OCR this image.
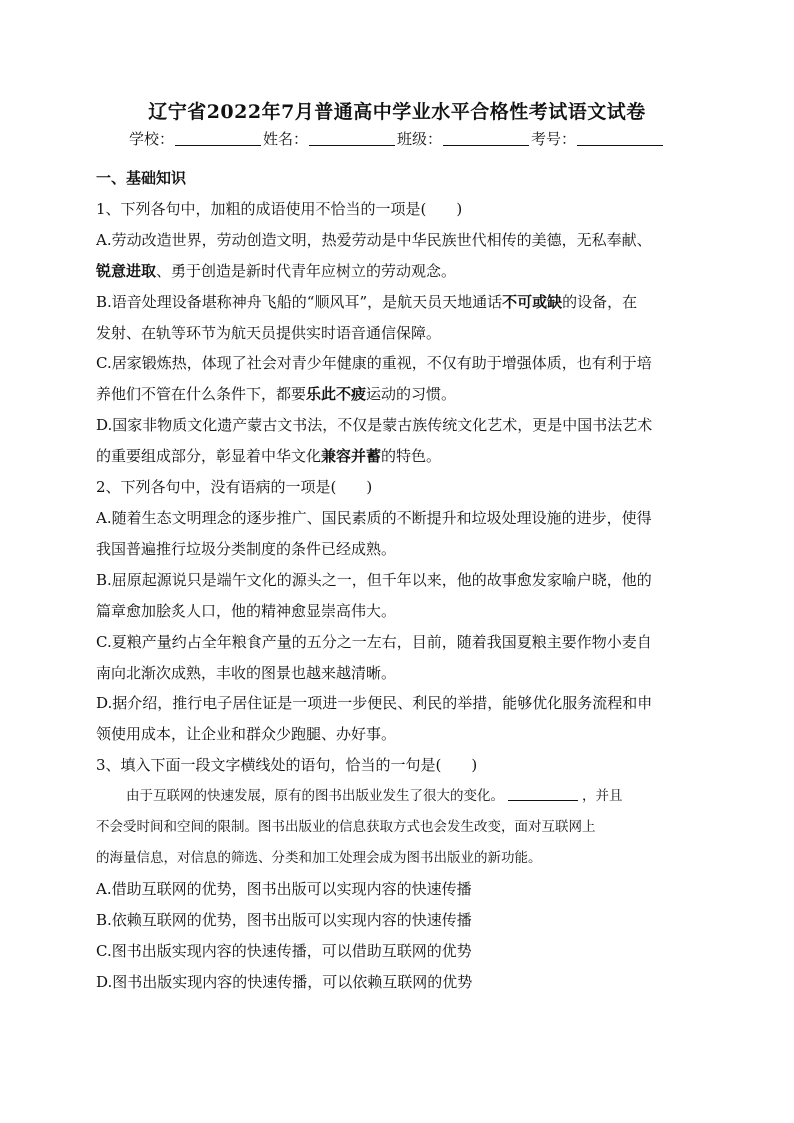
辽宁省2022年7月普通高中学业水平合格性考试语文试卷
学校：	姓名：	班级：	考号：
一、基础知识
1、下列各句中，加粗的成语使用不恰当的一项是(　　)
A.劳动改造世界，劳动创造文明，热爱劳动是中华民族世代相传的美德，无私奉献、
锐意进取、勇于创造是新时代青年应树立的劳动观念。
B.语音处理设备堪称神舟飞船的“顺风耳”，是航天员天地通话不可或缺的设备，在
发射、在轨等环节为航天员提供实时语音通信保障。
C.居家锻炼热，体现了社会对青少年健康的重视，不仅有助于增强体质，也有利于培
养他们不管在什么条件下，都要乐此不疲运动的习惯。
D.国家非物质文化遗产蒙古文书法，不仅是蒙古族传统文化艺术，更是中国书法艺术
的重要组成部分，彰显着中华文化兼容并蓄的特色。
2、下列各句中，没有语病的一项是(　　)
A.随着生态文明理念的逐步推广、国民素质的不断提升和垃圾处理设施的进步，使得
我国普遍推行垃圾分类制度的条件已经成熟。
B.屈原起源说只是端午文化的源头之一，但千年以来，他的故事愈发家喻户晓，他的
篇章愈加脍炙人口，他的精神愈显崇高伟大。
C.夏粮产量约占全年粮食产量的五分之一左右，目前，随着我国夏粮主要作物小麦自
南向北渐次成熟，丰收的图景也越来越清晰。
D.据介绍，推行电子居住证是一项进一步便民、利民的举措，能够优化服务流程和申
领使用成本，让企业和群众少跑腿、办好事。
3、填入下面一段文字横线处的语句，恰当的一句是(　　)
由于互联网的快速发展，原有的图书出版业发生了很大的变化。	，并且
不会受时间和空间的限制。图书出版业的信息获取方式也会发生改变，面对互联网上
的海量信息，对信息的筛选、分类和加工处理会成为图书出版业的新功能。
A.借助互联网的优势，图书出版可以实现内容的快速传播
B.依赖互联网的优势，图书出版可以实现内容的快速传播
C.图书出版实现内容的快速传播，可以借助互联网的优势
D.图书出版实现内容的快速传播，可以依赖互联网的优势
